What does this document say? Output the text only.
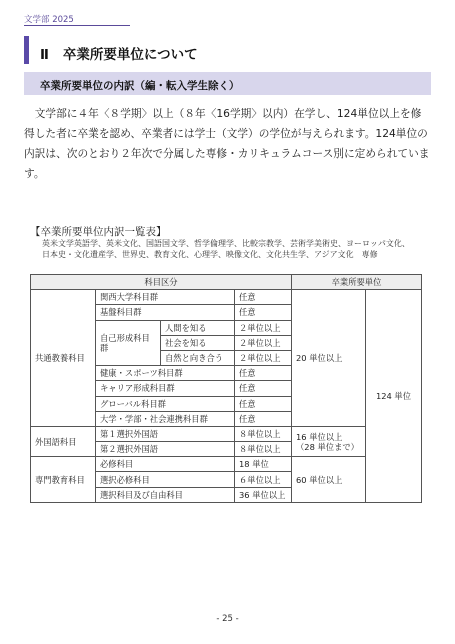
文学部 2025
Ⅱ 卒業所要単位について
卒業所要単位の内訳（編・転入学生除く）
文学部に４年〈８学期〉以上（８年〈16学期〉以内）在学し、124単位以上を修得した者に卒業を認め、卒業者には学士（文学）の学位が与えられます。124単位の内訳は、次のとおり２年次で分属した専修・カリキュラムコース別に定められています。
【卒業所要単位内訳一覧表】
英米文学英語学、英米文化、国語国文学、哲学倫理学、比較宗教学、芸術学美術史、ヨーロッパ文化、日本史・文化遺産学、世界史、教育文化、心理学、映像文化、文化共生学、アジア文化　専修
科目区分				卒業所要単位	
共通教養科目	関西大学科目群		任意	20 単位以上	124 単位
	基盤科目群		任意		
	自己形成科目群	人間を知る	２単位以上		
		社会を知る	２単位以上		
		自然と向き合う	２単位以上		
	健康・スポーツ科目群		任意		
	キャリア形成科目群		任意		
	グローバル科目群		任意		
	大学・学部・社会連携科目群		任意		
外国語科目	第１選択外国語		８単位以上	16 単位以上
（28 単位まで）	

	第２選択外国語		８単位以上		
専門教育科目	必修科目		18 単位	60 単位以上	
	選択必修科目		６単位以上		
	選択科目及び自由科目		36 単位以上		
- 25 -
